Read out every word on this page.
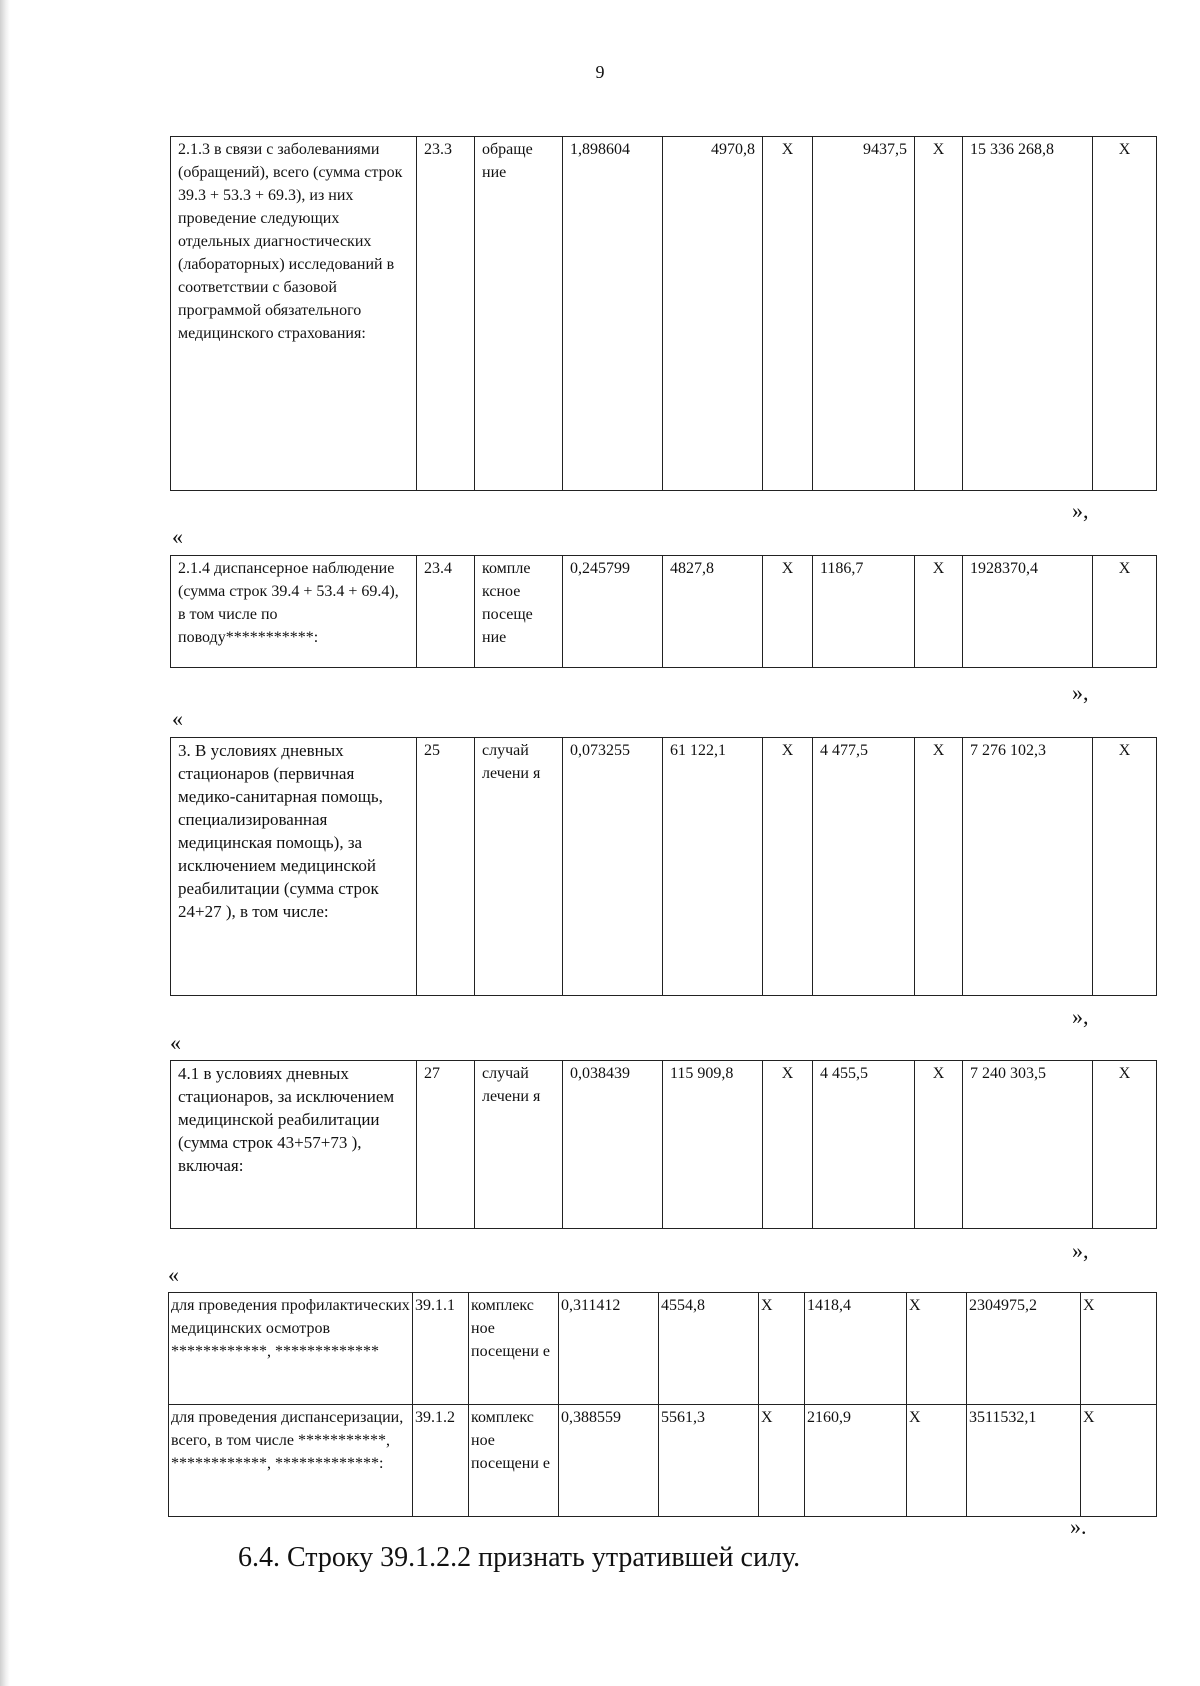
9
2.1.3 в связи с заболеваниями (обращений), всего (сумма строк 39.3 + 53.3 + 69.3), из них проведение следующих отдельных диагностических (лабораторных) исследований в соответствии с базовой программой обязательного медицинского страхования:	23.3	обраще ние	1,898604	4970,8	X	9437,5	X	15 336 268,8	X
»,
«
2.1.4 диспансерное наблюдение (сумма строк 39.4 + 53.4 + 69.4), в том числе по поводу***********:	23.4	компле ксное посеще ние	0,245799	4827,8	X	1186,7	X	1928370,4	X
»,
«
3. В условиях дневных стационаров (первичная медико-санитарная помощь, специализированная медицинская помощь), за исключением медицинской реабилитации (сумма строк 24+27 ), в том числе:	25	случай лечени я	0,073255	61 122,1	X	4 477,5	X	7 276 102,3	X
»,
«
4.1 в условиях дневных стационаров, за исключением медицинской реабилитации (сумма строк 43+57+73 ), включая:	27	случай лечени я	0,038439	115 909,8	X	4 455,5	X	7 240 303,5	X
»,
«
для проведения профилактических медицинских осмотров ************, *************	39.1.1	комплекс ное посещени е	0,311412	4554,8	X	1418,4	X	2304975,2	X
для проведения диспансеризации, всего, в том числе ***********, ************, *************:	39.1.2	комплекс ное посещени е	0,388559	5561,3	X	2160,9	X	3511532,1	X
».
6.4. Строку 39.1.2.2 признать утратившей силу.
